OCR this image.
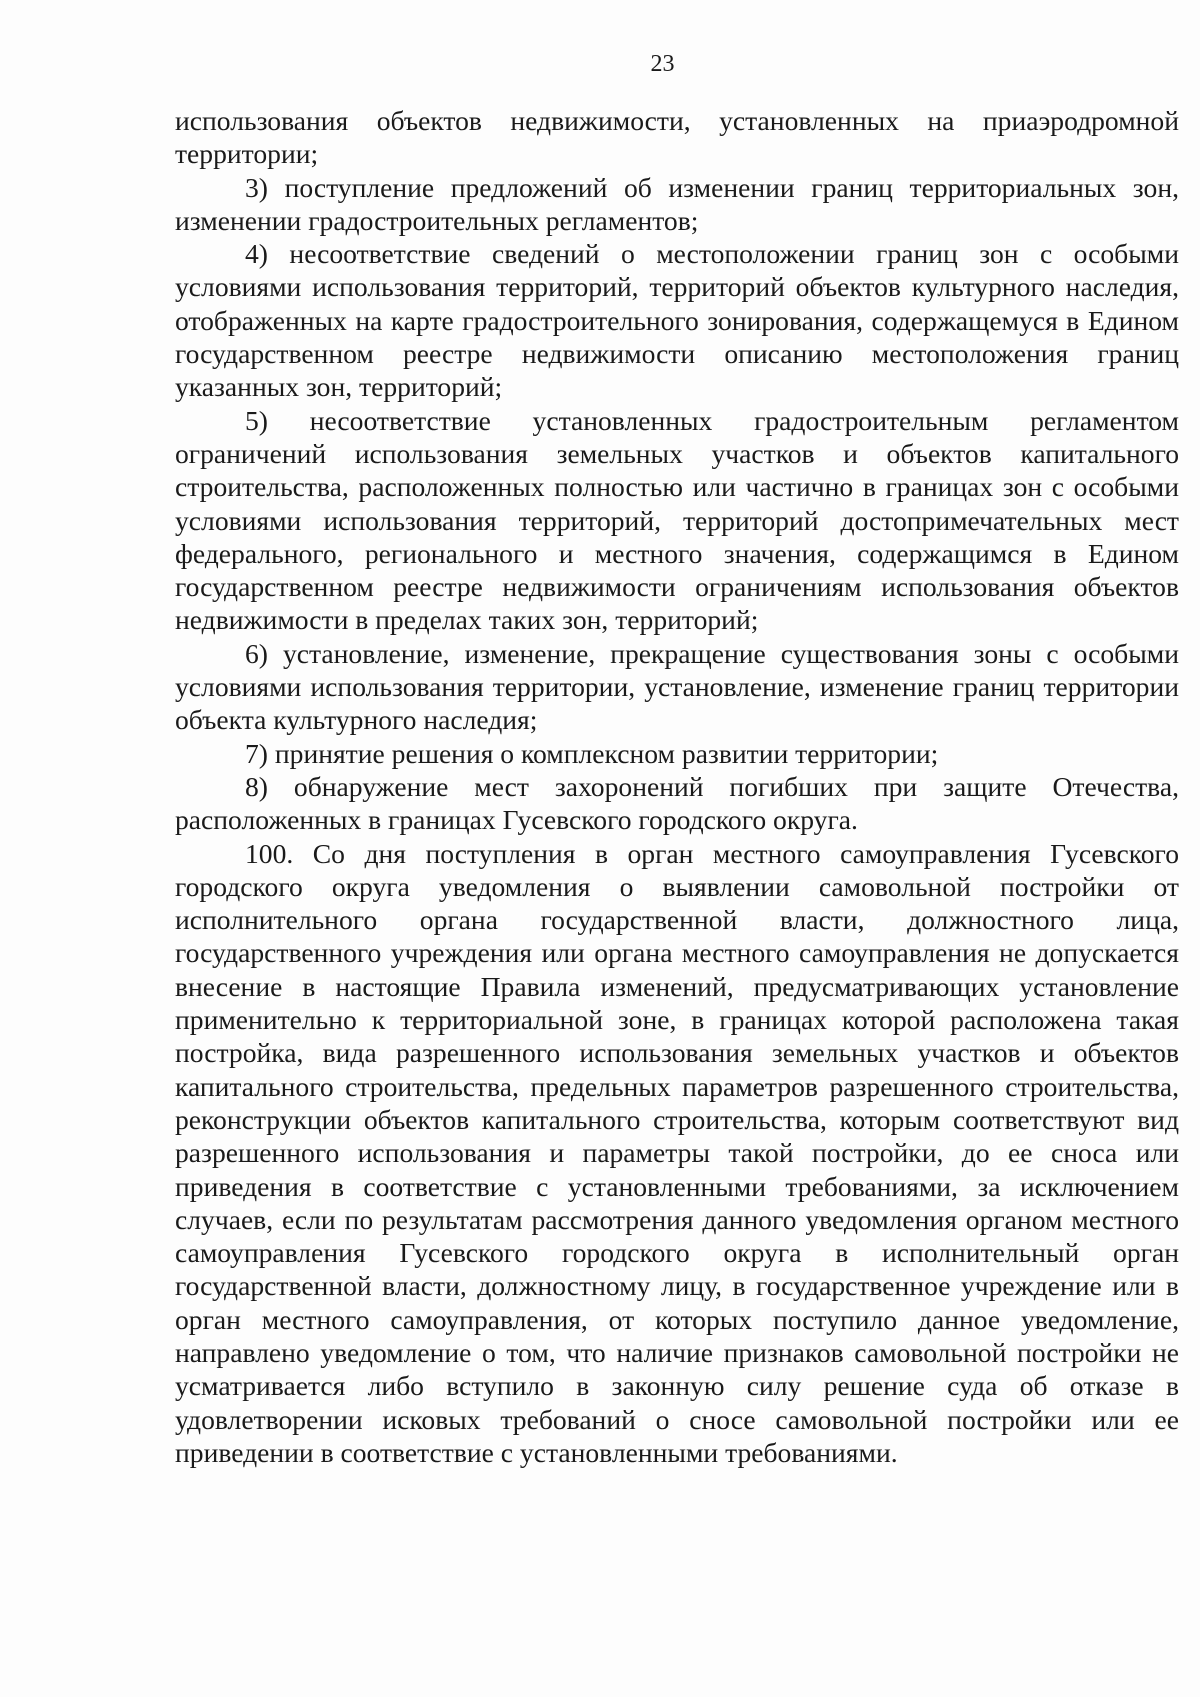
23

использования объектов недвижимости, установленных на приаэродромной территории;

3) поступление предложений об изменении границ территориальных зон, изменении градостроительных регламентов;

4) несоответствие сведений о местоположении границ зон с особыми условиями использования территорий, территорий объектов культурного наследия, отображенных на карте градостроительного зонирования, содержащемуся в Едином государственном реестре недвижимости описанию местоположения границ указанных зон, территорий;

5) несоответствие установленных градостроительным регламентом ограничений использования земельных участков и объектов капитального строительства, расположенных полностью или частично в границах зон с особыми условиями использования территорий, территорий достопримечательных мест федерального, регионального и местного значения, содержащимся в Едином государственном реестре недвижимости ограничениям использования объектов недвижимости в пределах таких зон, территорий;

6) установление, изменение, прекращение существования зоны с особыми условиями использования территории, установление, изменение границ территории объекта культурного наследия;

7) принятие решения о комплексном развитии территории;

8) обнаружение мест захоронений погибших при защите Отечества, расположенных в границах Гусевского городского округа.

100. Со дня поступления в орган местного самоуправления Гусевского городского округа уведомления о выявлении самовольной постройки от исполнительного органа государственной власти, должностного лица, государственного учреждения или органа местного самоуправления не допускается внесение в настоящие Правила изменений, предусматривающих установление применительно к территориальной зоне, в границах которой расположена такая постройка, вида разрешенного использования земельных участков и объектов капитального строительства, предельных параметров разрешенного строительства, реконструкции объектов капитального строительства, которым соответствуют вид разрешенного использования и параметры такой постройки, до ее сноса или приведения в соответствие с установленными требованиями, за исключением случаев, если по результатам рассмотрения данного уведомления органом местного самоуправления Гусевского городского округа в исполнительный орган государственной власти, должностному лицу, в государственное учреждение или в орган местного самоуправления, от которых поступило данное уведомление, направлено уведомление о том, что наличие признаков самовольной постройки не усматривается либо вступило в законную силу решение суда об отказе в удовлетворении исковых требований о сносе самовольной постройки или ее приведении в соответствие с установленными требованиями.
